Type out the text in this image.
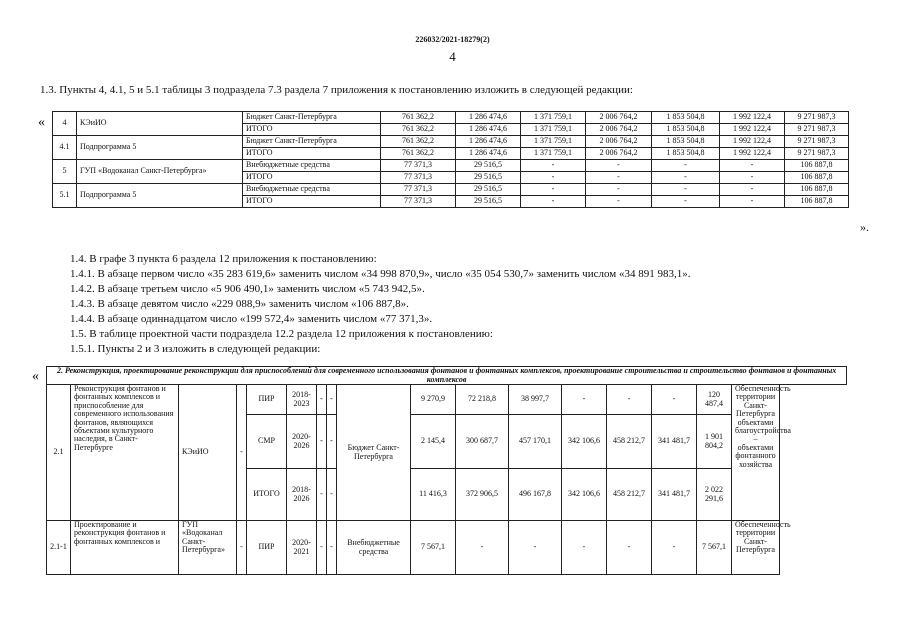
226032/2021-18279(2)
4
1.3. Пункты 4, 4.1, 5 и 5.1 таблицы 3 подраздела 7.3 раздела 7 приложения к постановлению изложить в следующей редакции:
« 4	КЭиИО	Бюджет Санкт-Петербурга	761 362,2	1 286 474,6	1 371 759,1	2 006 764,2	1 853 504,8	1 992 122,4	9 271 987,3
		ИТОГО	761 362,2	1 286 474,6	1 371 759,1	2 006 764,2	1 853 504,8	1 992 122,4	9 271 987,3
4.1	Подпрограмма 5	Бюджет Санкт-Петербурга	761 362,2	1 286 474,6	1 371 759,1	2 006 764,2	1 853 504,8	1 992 122,4	9 271 987,3
		ИТОГО	761 362,2	1 286 474,6	1 371 759,1	2 006 764,2	1 853 504,8	1 992 122,4	9 271 987,3
5	ГУП «Водоканал Санкт-Петербурга»	Внебюджетные средства	77 371,3	29 516,5	-	-	-	-	106 887,8
		ИТОГО	77 371,3	29 516,5	-	-	-	-	106 887,8
5.1	Подпрограмма 5	Внебюджетные средства	77 371,3	29 516,5	-	-	-	-	106 887,8
		ИТОГО	77 371,3	29 516,5	-	-	-	-	106 887,8
».
1.4. В графе 3 пункта 6 раздела 12 приложения к постановлению:
1.4.1. В абзаце первом число «35 283 619,6» заменить числом «34 998 870,9», число «35 054 530,7» заменить числом «34 891 983,1».
1.4.2. В абзаце третьем число «5 906 490,1» заменить числом «5 743 942,5».
1.4.3. В абзаце девятом число «229 088,9» заменить числом «106 887,8».
1.4.4. В абзаце одиннадцатом число «199 572,4» заменить числом «77 371,3».
1.5. В таблице проектной части подраздела 12.2 раздела 12 приложения к постановлению:
1.5.1. Пункты 2 и 3 изложить в следующей редакции:
« 2. Реконструкция, проектирование реконструкции для приспособлений для современного использования фонтанов и фонтанных комплексов, проектирование строительства и строительство фонтанов и фонтанных комплексов																
2.1	Реконструкция фонтанов и фонтанных комплексов и приспособление для современного использования фонтанов, являющихся объектами культурного наследия, в Санкт-Петербурге	КЭиИО	-	ПИР	2018-2023	-	-	Бюджет Санкт-Петербурга	9 270,9	72 218,8	38 997,7	-	-	-	120 487,4	Обеспеченность территории Санкт-Петербурга объектами благоустройства – объектами фонтанного хозяйства
				СМР	2020-2026	-	-		2 145,4	300 687,7	457 170,1	342 106,6	458 212,7	341 481,7	1 901 804,2	
				ИТОГО	2018-2026	-	-		11 416,3	372 906,5	496 167,8	342 106,6	458 212,7	341 481,7	2 022 291,6	
2.1-1	Проектирование и реконструкция фонтанов и фонтанных комплексов и	ГУП «Водоканал Санкт-Петербурга»	-	ПИР	2020-2021	-	-	Внебюджетные средства	7 567,1	-	-	-	-	-	7 567,1	Обеспеченность территории Санкт-Петербурга
